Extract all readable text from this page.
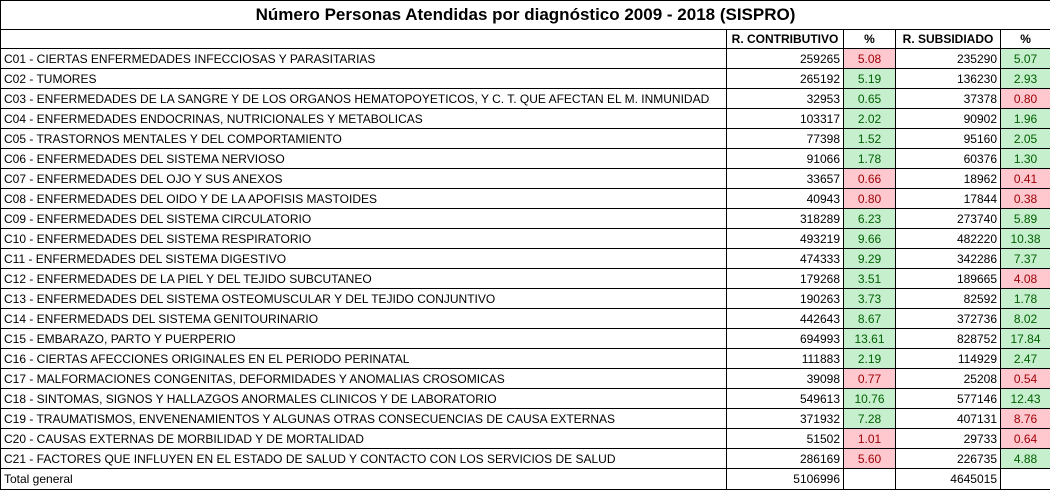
Número Personas Atendidas por diagnóstico 2009 - 2018 (SISPRO)				
	R. CONTRIBUTIVO	%	R. SUBSIDIADO	%
C01 - CIERTAS ENFERMEDADES INFECCIOSAS Y PARASITARIAS	259265	5.08	235290	5.07
C02 - TUMORES	265192	5.19	136230	2.93
C03 - ENFERMEDADES DE LA SANGRE Y DE LOS ORGANOS HEMATOPOYETICOS, Y C. T. QUE AFECTAN EL M. INMUNIDAD	32953	0.65	37378	0.80
C04 - ENFERMEDADES ENDOCRINAS, NUTRICIONALES Y METABOLICAS	103317	2.02	90902	1.96
C05 - TRASTORNOS MENTALES Y DEL COMPORTAMIENTO	77398	1.52	95160	2.05
C06 - ENFERMEDADES DEL SISTEMA NERVIOSO	91066	1.78	60376	1.30
C07 - ENFERMEDADES DEL OJO Y SUS ANEXOS	33657	0.66	18962	0.41
C08 - ENFERMEDADES DEL OIDO Y DE LA APOFISIS MASTOIDES	40943	0.80	17844	0.38
C09 - ENFERMEDADES DEL SISTEMA CIRCULATORIO	318289	6.23	273740	5.89
C10 - ENFERMEDADES DEL SISTEMA RESPIRATORIO	493219	9.66	482220	10.38
C11 - ENFERMEDADES DEL SISTEMA DIGESTIVO	474333	9.29	342286	7.37
C12 - ENFERMEDADES DE LA PIEL Y DEL TEJIDO SUBCUTANEO	179268	3.51	189665	4.08
C13 - ENFERMEDADES DEL SISTEMA OSTEOMUSCULAR Y DEL TEJIDO CONJUNTIVO	190263	3.73	82592	1.78
C14 - ENFERMEDADS DEL SISTEMA GENITOURINARIO	442643	8.67	372736	8.02
C15 - EMBARAZO, PARTO Y PUERPERIO	694993	13.61	828752	17.84
C16 - CIERTAS AFECCIONES ORIGINALES EN EL PERIODO PERINATAL	111883	2.19	114929	2.47
C17 - MALFORMACIONES CONGENITAS, DEFORMIDADES Y ANOMALIAS CROSOMICAS	39098	0.77	25208	0.54
C18 - SINTOMAS, SIGNOS Y HALLAZGOS ANORMALES CLINICOS Y DE LABORATORIO	549613	10.76	577146	12.43
C19 - TRAUMATISMOS, ENVENENAMIENTOS Y ALGUNAS OTRAS CONSECUENCIAS DE CAUSA EXTERNAS	371932	7.28	407131	8.76
C20 - CAUSAS EXTERNAS DE MORBILIDAD Y DE MORTALIDAD	51502	1.01	29733	0.64
C21 - FACTORES QUE INFLUYEN EN EL ESTADO DE SALUD Y CONTACTO CON LOS SERVICIOS DE SALUD	286169	5.60	226735	4.88
Total general	5106996		4645015	
